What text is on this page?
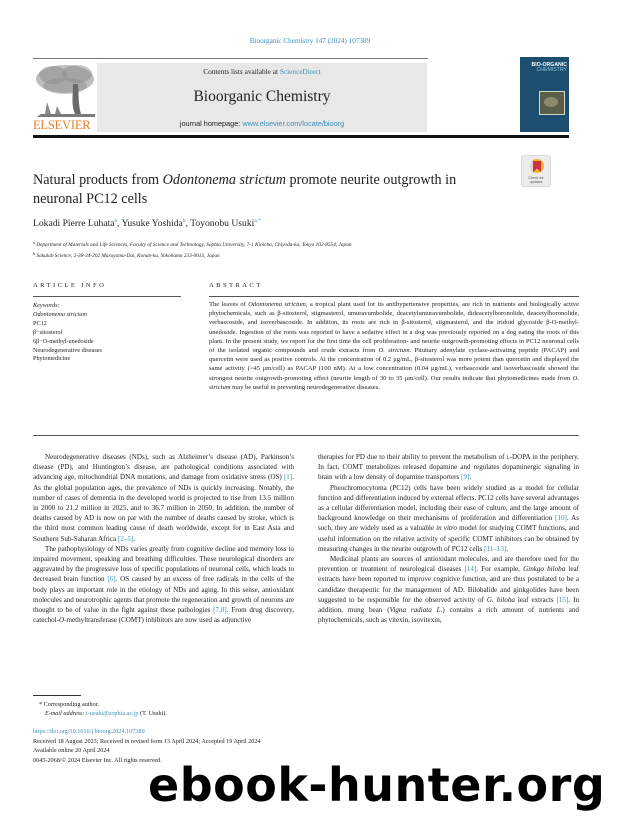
Bioorganic Chemistry 147 (2024) 107389
ELSEVIER
Contents lists available at ScienceDirect
Bioorganic Chemistry
journal homepage: www.elsevier.com/locate/bioorg
BIO-ORGANIC
CHEMISTRY
Natural products from Odontonema strictum promote neurite outgrowth in neuronal PC12 cells
Check for
updates
Lokadi Pierre Luhata$^a$, Yusuke Yoshida$^b$, Toyonobu Usuki$^{a,*}$
$^a$ Department of Materials and Life Sciences, Faculty of Science and Technology, Sophia University, 7-1 Kioicho, Chiyoda-ku, Tokyo 102-8554, Japan
$^b$ Sakulab Science, 2-38-34-202 Maruyama-Dai, Konan-ku, Yokohama 233-0013, Japan
ARTICLE INFO
Keywords:
Odontonema strictum
PC12
β−sitosterol
6β−O-methyl-unedoside
Neurodegenerative diseases
Phytomedicine
ABSTRACT
The leaves of Odontonema strictum, a tropical plant used for its antihypertensive properties, are rich in nutrients and biologically active phytochemicals, such as β-sitosterol, stigmasterol, umuravumbolide, deacetylumuravumbolide, dideacetylboronolide, deacetylboronolide, verbascoside, and isoverbascoside. In addition, its roots are rich in β-sitosterol, stigmasterol, and the iridoid glycoside β-O-methyl-unedoside. Ingestion of the roots was reported to have a sedative effect in a dog was previously reported on a dog eating the roots of this plant. In the present study, we report for the first time the cell proliferation- and neurite outgrowth-promoting effects in PC12 neuronal cells of the isolated organic compounds and crude extracts from O. strictum. Pituitary adenylate cyclase-activating peptide (PACAP) and quercetin were used as positive controls. At the concentration of 0.2 μg/mL, β-sitosterol was more potent than quercetin and displayed the same activity (>45 μm/cell) as PACAP (100 nM). At a low concentration (0.04 μg/mL), verbascoside and isoverbascoside showed the strongest neurite outgrowth-promoting effect (neurite length of 30 to 35 μm/cell). Our results indicate that phytomedicines made from O. strictum may be useful in preventing neurodegenerative diseases.

Neurodegenerative diseases (NDs), such as Alzheimer’s disease (AD), Parkinson’s disease (PD), and Huntington’s disease, are pathological conditions associated with advancing age, mitochondrial DNA mutations, and damage from oxidative stress (OS) [1]. As the global population ages, the prevalence of NDs is quickly increasing. Notably, the number of cases of dementia in the developed world is projected to rise from 13.5 million in 2000 to 21.2 million in 2025, and to 36.7 million in 2050. In addition, the number of deaths caused by AD is now on par with the number of deaths caused by stroke, which is the third most common leading cause of death worldwide, except for in East Asia and Southern Sub-Saharan Africa [2–5].

The pathophysiology of NDs varies greatly from cognitive decline and memory loss to impaired movement, speaking and breathing difficulties. These neurological disorders are aggravated by the progressive loss of specific populations of neuronal cells, which leads to decreased brain function [6]. OS caused by an excess of free radicals in the cells of the body plays an important role in the etiology of NDs and aging. In this sense, antioxidant molecules and neurotrophic agents that promote the regeneration and growth of neurons are thought to be of value in the fight against these pathologies [7,8]. From drug discovery, catechol-O-methyltransferase (COMT) inhibitors are now used as adjunctive

therapies for PD due to their ability to prevent the metabolism of l-DOPA in the periphery. In fact, COMT metabolizes released dopamine and regulates dopaminergic signaling in brain with a low density of dopamine transporters [9].

Pheochromocytoma (PC12) cells have been widely studied as a model for cellular function and differentiation induced by external effects. PC12 cells have several advantages as a cellular differentiation model, including their ease of culture, and the large amount of background knowledge on their mechanisms of proliferation and differentiation [10]. As such, they are widely used as a valuable in vitro model for studying COMT functions, and useful information on the relative activity of specific COMT inhibitors can be obtained by measuring changes in the neurite outgrowth of PC12 cells [11–13].

Medicinal plants are sources of antioxidant molecules, and are therefore used for the prevention or treatment of neurological diseases [14]. For example, Ginkgo biloba leaf extracts have been reported to improve cognitive function, and are thus postulated to be a candidate therapeutic for the management of AD. Bilobalide and ginkgolides have been suggested to be responsible for the observed activity of G. biloba leaf extracts [15]. In addition, mung bean (Vigna radiata L.) contains a rich amount of nutrients and phytochemicals, such as vitexin, isovitexin,

* Corresponding author.
E-mail address: t-usuki@sophia.ac.jp (T. Usuki).
https://doi.org/10.1016/j.bioorg.2024.107389
Received 18 August 2023; Received in revised form 13 April 2024; Accepted 19 April 2024
Available online 20 April 2024
0045-2068/© 2024 Elsevier Inc. All rights reserved.
ebook-hunter.org
